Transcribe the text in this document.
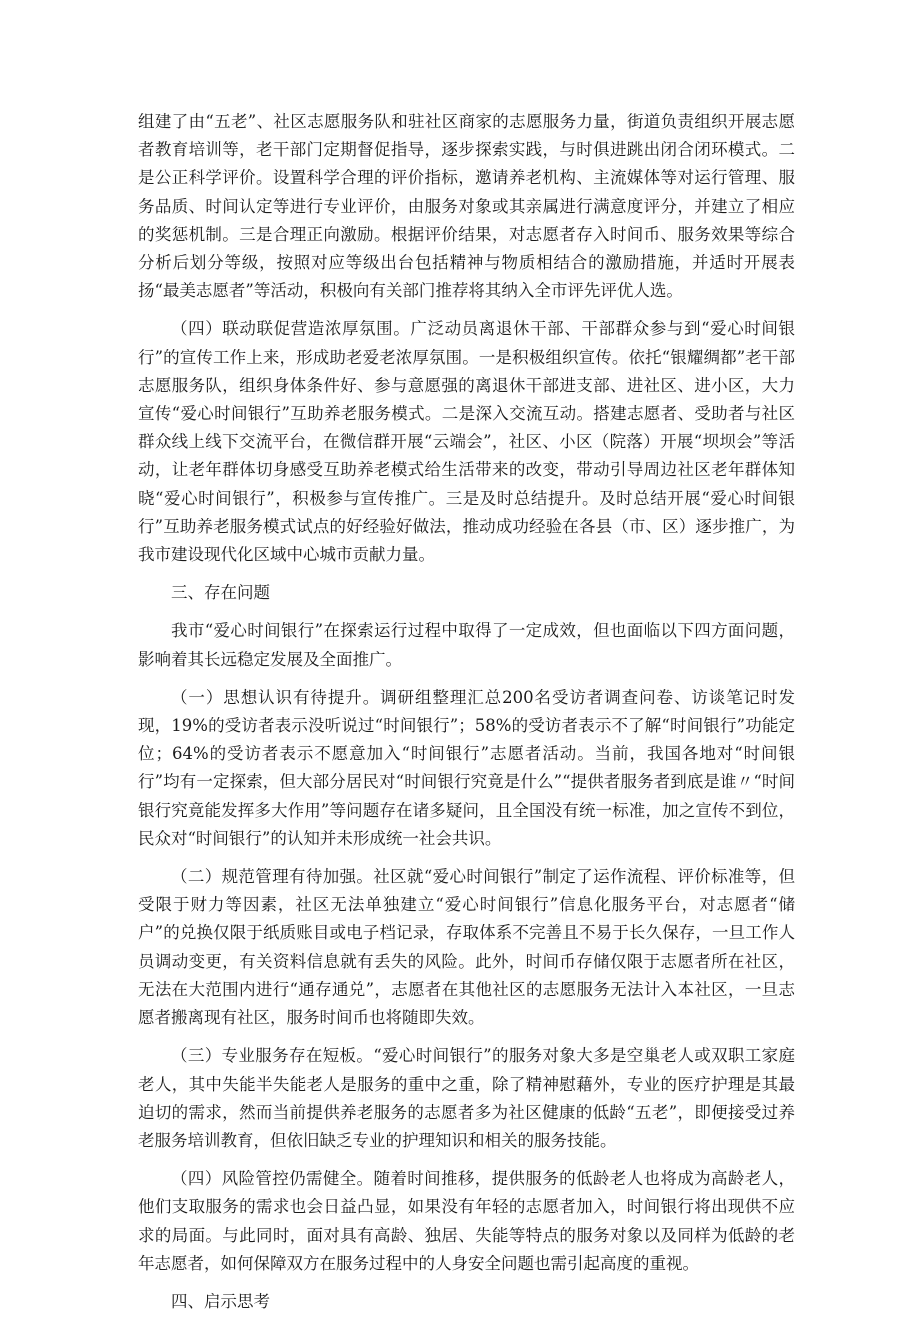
组建了由“五老”、社区志愿服务队和驻社区商家的志愿服务力量，街道负责组织开展志愿者教育培训等，老干部门定期督促指导，逐步探索实践，与时俱进跳出闭合闭环模式。二是公正科学评价。设置科学合理的评价指标，邀请养老机构、主流媒体等对运行管理、服务品质、时间认定等进行专业评价，由服务对象或其亲属进行满意度评分，并建立了相应的奖惩机制。三是合理正向激励。根据评价结果，对志愿者存入时间币、服务效果等综合分析后划分等级，按照对应等级出台包括精神与物质相结合的激励措施，并适时开展表扬“最美志愿者”等活动，积极向有关部门推荐将其纳入全市评先评优人选。

（四）联动联促营造浓厚氛围。广泛动员离退休干部、干部群众参与到“爱心时间银行”的宣传工作上来，形成助老爱老浓厚氛围。一是积极组织宣传。依托“银耀绸都”老干部志愿服务队，组织身体条件好、参与意愿强的离退休干部进支部、进社区、进小区，大力宣传“爱心时间银行”互助养老服务模式。二是深入交流互动。搭建志愿者、受助者与社区群众线上线下交流平台，在微信群开展“云端会”，社区、小区（院落）开展“坝坝会”等活动，让老年群体切身感受互助养老模式给生活带来的改变，带动引导周边社区老年群体知晓“爱心时间银行”，积极参与宣传推广。三是及时总结提升。及时总结开展“爱心时间银行”互助养老服务模式试点的好经验好做法，推动成功经验在各县（市、区）逐步推广，为我市建设现代化区域中心城市贡献力量。

三、存在问题

我市“爱心时间银行”在探索运行过程中取得了一定成效，但也面临以下四方面问题，影响着其长远稳定发展及全面推广。

（一）思想认识有待提升。调研组整理汇总200名受访者调查问卷、访谈笔记时发现，19%的受访者表示没听说过“时间银行”；58%的受访者表示不了解“时间银行”功能定位；64%的受访者表示不愿意加入“时间银行”志愿者活动。当前，我国各地对“时间银行”均有一定探索，但大部分居民对“时间银行究竟是什么”“提供者服务者到底是谁〃“时间银行究竟能发挥多大作用”等问题存在诸多疑问，且全国没有统一标准，加之宣传不到位，民众对“时间银行”的认知并未形成统一社会共识。

（二）规范管理有待加强。社区就“爱心时间银行”制定了运作流程、评价标准等，但受限于财力等因素，社区无法单独建立“爱心时间银行”信息化服务平台，对志愿者“储户”的兑换仅限于纸质账目或电子档记录，存取体系不完善且不易于长久保存，一旦工作人员调动变更，有关资料信息就有丢失的风险。此外，时间币存储仅限于志愿者所在社区，无法在大范围内进行“通存通兑”，志愿者在其他社区的志愿服务无法计入本社区，一旦志愿者搬离现有社区，服务时间币也将随即失效。

（三）专业服务存在短板。“爱心时间银行”的服务对象大多是空巢老人或双职工家庭老人，其中失能半失能老人是服务的重中之重，除了精神慰藉外，专业的医疗护理是其最迫切的需求，然而当前提供养老服务的志愿者多为社区健康的低龄“五老”，即便接受过养老服务培训教育，但依旧缺乏专业的护理知识和相关的服务技能。

（四）风险管控仍需健全。随着时间推移，提供服务的低龄老人也将成为高龄老人，他们支取服务的需求也会日益凸显，如果没有年轻的志愿者加入，时间银行将出现供不应求的局面。与此同时，面对具有高龄、独居、失能等特点的服务对象以及同样为低龄的老年志愿者，如何保障双方在服务过程中的人身安全问题也需引起高度的重视。

四、启示思考
